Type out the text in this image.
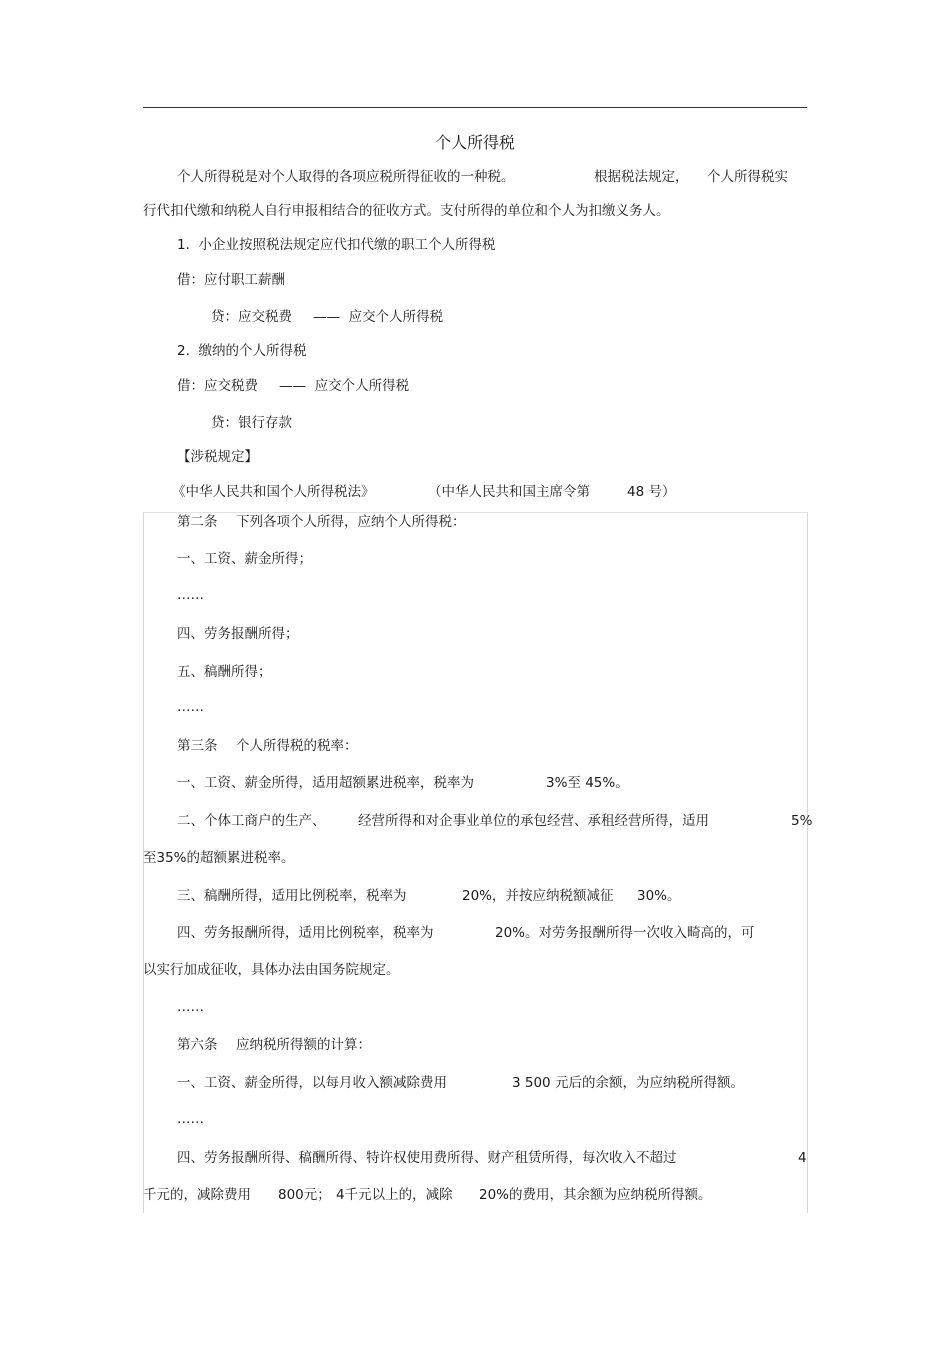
个人所得税
个人所得税是对个人取得的各项应税所得征收的一种税。	根据税法规定， 个人所得税实
行代扣代缴和纳税人自行申报相结合的征收方式。支付所得的单位和个人为扣缴义务人。
1.  小企业按照税法规定应代扣代缴的职工个人所得税
借：应付职工薪酬
贷：应交税费 ——  应交个人所得税
2.  缴纳的个人所得税
借：应交税费 ——  应交个人所得税
贷：银行存款
【涉税规定】
《中华人民共和国个人所得税法》	（中华人民共和国主席令第	48 号）
第二条 下列各项个人所得，应纳个人所得税：
一、工资、薪金所得；
……
四、劳务报酬所得；
五、稿酬所得；
……
第三条 个人所得税的税率：
一、工资、薪金所得，适用超额累进税率，税率为	3%至 45%。
二、个体工商户的生产、 经营所得和对企事业单位的承包经营、承租经营所得，适用	5%
至35%的超额累进税率。
三、稿酬所得，适用比例税率，税率为	20%，并按应纳税额减征 30%。
四、劳务报酬所得，适用比例税率，税率为	20%。对劳务报酬所得一次收入畸高的，可
以实行加成征收，具体办法由国务院规定。
……
第六条 应纳税所得额的计算：
一、工资、薪金所得，以每月收入额减除费用	3 500 元后的余额，为应纳税所得额。
……
四、劳务报酬所得、稿酬所得、特许权使用费所得、财产租赁所得，每次收入不超过	4
千元的，减除费用 800元； 4千元以上的，减除 20%的费用，其余额为应纳税所得额。
